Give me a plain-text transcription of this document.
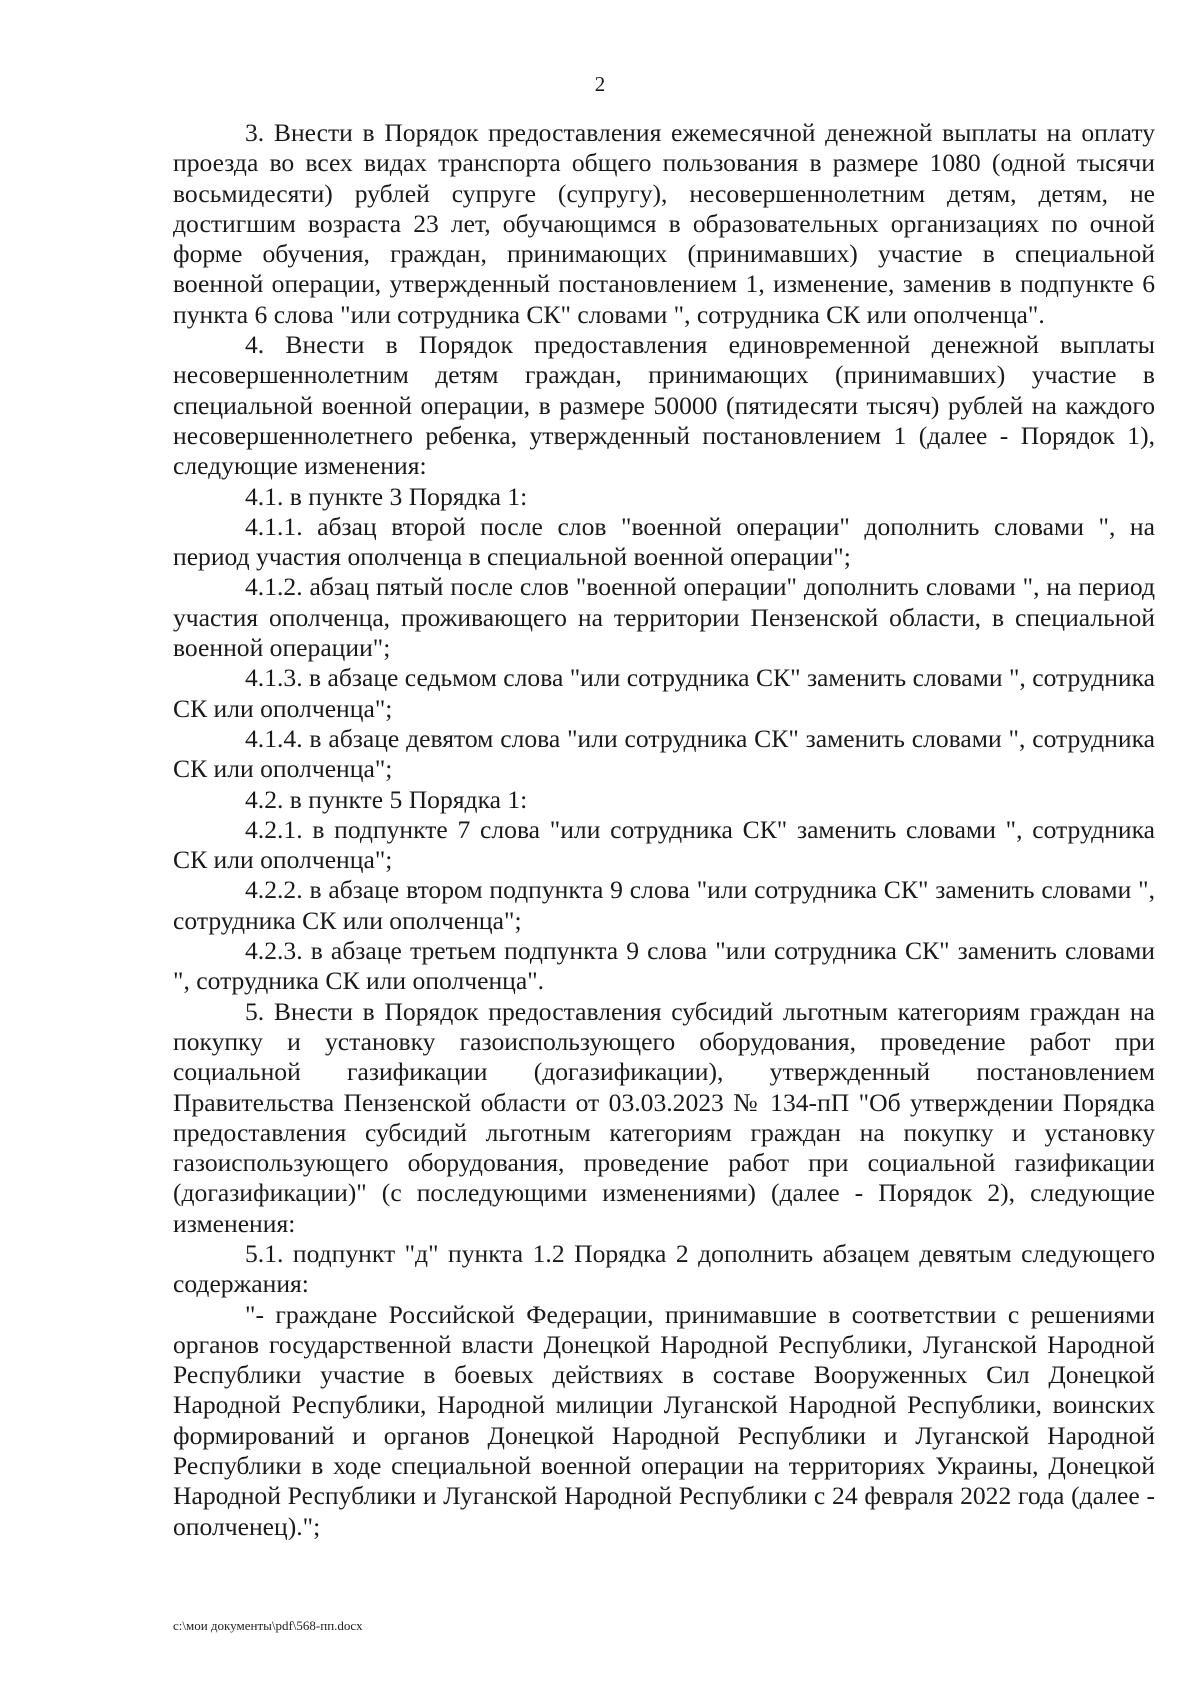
2

3. Внести в Порядок предоставления ежемесячной денежной выплаты на оплату проезда во всех видах транспорта общего пользования в размере 1080 (одной тысячи восьмидесяти) рублей супруге (супругу), несовершеннолетним детям, детям, не достигшим возраста 23 лет, обучающимся в образовательных организациях по очной форме обучения, граждан, принимающих (принимавших) участие в специальной военной операции, утвержденный постановлением 1, изменение, заменив в подпункте 6 пункта 6 слова "или сотрудника СК" словами ", сотрудника СК или ополченца".

4. Внести в Порядок предоставления единовременной денежной выплаты несовершеннолетним детям граждан, принимающих (принимавших) участие в специальной военной операции, в размере 50000 (пятидесяти тысяч) рублей на каждого несовершеннолетнего ребенка, утвержденный постановлением 1 (далее - Порядок 1), следующие изменения:

4.1. в пункте 3 Порядка 1:

4.1.1. абзац второй после слов "военной операции" дополнить словами ", на период участия ополченца в специальной военной операции";

4.1.2. абзац пятый после слов "военной операции" дополнить словами ", на период участия ополченца, проживающего на территории Пензенской области, в специальной военной операции";

4.1.3. в абзаце седьмом слова "или сотрудника СК" заменить словами ", сотрудника СК или ополченца";

4.1.4. в абзаце девятом слова "или сотрудника СК" заменить словами ", сотрудника СК или ополченца";

4.2. в пункте 5 Порядка 1:

4.2.1. в подпункте 7 слова "или сотрудника СК" заменить словами ", сотрудника СК или ополченца";

4.2.2. в абзаце втором подпункта 9 слова "или сотрудника СК" заменить словами ", сотрудника СК или ополченца";

4.2.3. в абзаце третьем подпункта 9 слова "или сотрудника СК" заменить словами ", сотрудника СК или ополченца".

5. Внести в Порядок предоставления субсидий льготным категориям граждан на покупку и установку газоиспользующего оборудования, проведение работ при социальной газификации (догазификации), утвержденный постановлением Правительства Пензенской области от 03.03.2023 № 134-пП "Об утверждении Порядка предоставления субсидий льготным категориям граждан на покупку и установку газоиспользующего оборудования, проведение работ при социальной газификации (догазификации)" (с последующими изменениями) (далее - Порядок 2), следующие изменения:

5.1. подпункт "д" пункта 1.2 Порядка 2 дополнить абзацем девятым следующего содержания:

"- граждане Российской Федерации, принимавшие в соответствии с решениями органов государственной власти Донецкой Народной Республики, Луганской Народной Республики участие в боевых действиях в составе Вооруженных Сил Донецкой Народной Республики, Народной милиции Луганской Народной Республики, воинских формирований и органов Донецкой Народной Республики и Луганской Народной Республики в ходе специальной военной операции на территориях Украины, Донецкой Народной Республики и Луганской Народной Республики с 24 февраля 2022 года (далее - ополченец).";

c:\мои документы\pdf\568-пп.docx
